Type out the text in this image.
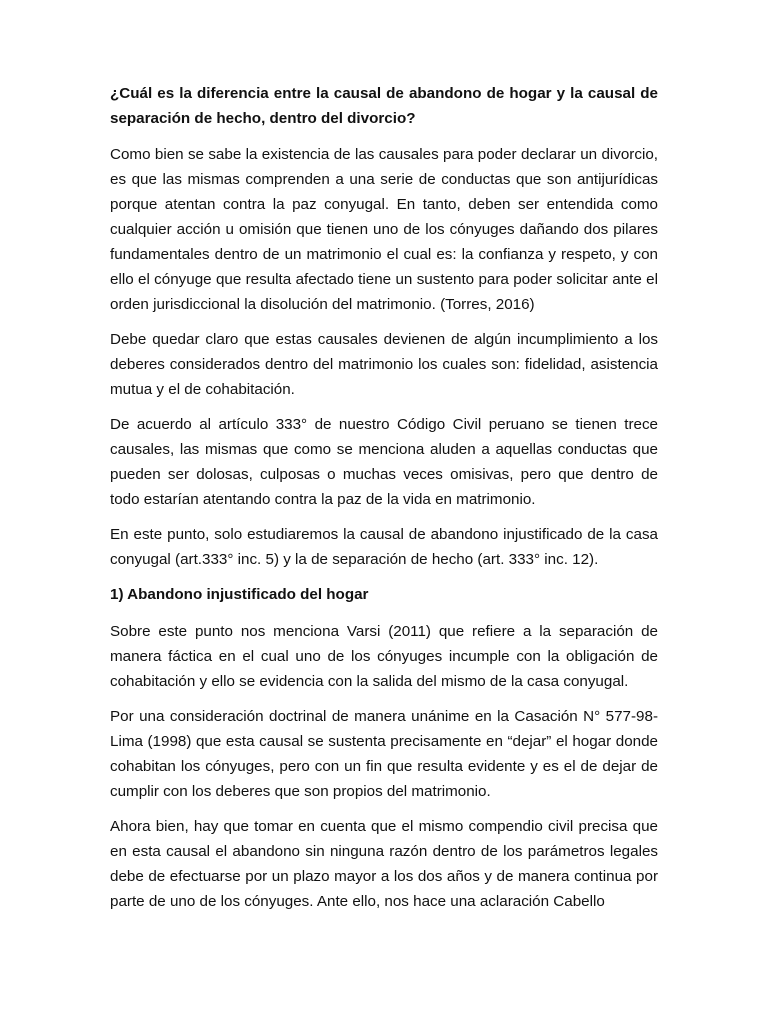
¿Cuál es la diferencia entre la causal de abandono de hogar y la causal de separación de hecho, dentro del divorcio?

Como bien se sabe la existencia de las causales para poder declarar un divorcio, es que las mismas comprenden a una serie de conductas que son antijurídicas porque atentan contra la paz conyugal. En tanto, deben ser entendida como cualquier acción u omisión que tienen uno de los cónyuges dañando dos pilares fundamentales dentro de un matrimonio el cual es: la confianza y respeto, y con ello el cónyuge que resulta afectado tiene un sustento para poder solicitar ante el orden jurisdiccional la disolución del matrimonio. (Torres, 2016)

Debe quedar claro que estas causales devienen de algún incumplimiento a los deberes considerados dentro del matrimonio los cuales son: fidelidad, asistencia mutua y el de cohabitación.

De acuerdo al artículo 333° de nuestro Código Civil peruano se tienen trece causales, las mismas que como se menciona aluden a aquellas conductas que pueden ser dolosas, culposas o muchas veces omisivas, pero que dentro de todo estarían atentando contra la paz de la vida en matrimonio.

En este punto, solo estudiaremos la causal de abandono injustificado de la casa conyugal (art.333° inc. 5) y la de separación de hecho (art. 333° inc. 12).

1) Abandono injustificado del hogar

Sobre este punto nos menciona Varsi (2011) que refiere a la separación de manera fáctica en el cual uno de los cónyuges incumple con la obligación de cohabitación y ello se evidencia con la salida del mismo de la casa conyugal.

Por una consideración doctrinal de manera unánime en la Casación N° 577-98-Lima (1998) que esta causal se sustenta precisamente en “dejar” el hogar donde cohabitan los cónyuges, pero con un fin que resulta evidente y es el de dejar de cumplir con los deberes que son propios del matrimonio.

Ahora bien, hay que tomar en cuenta que el mismo compendio civil precisa que en esta causal el abandono sin ninguna razón dentro de los parámetros legales debe de efectuarse por un plazo mayor a los dos años y de manera continua por parte de uno de los cónyuges. Ante ello, nos hace una aclaración Cabello
